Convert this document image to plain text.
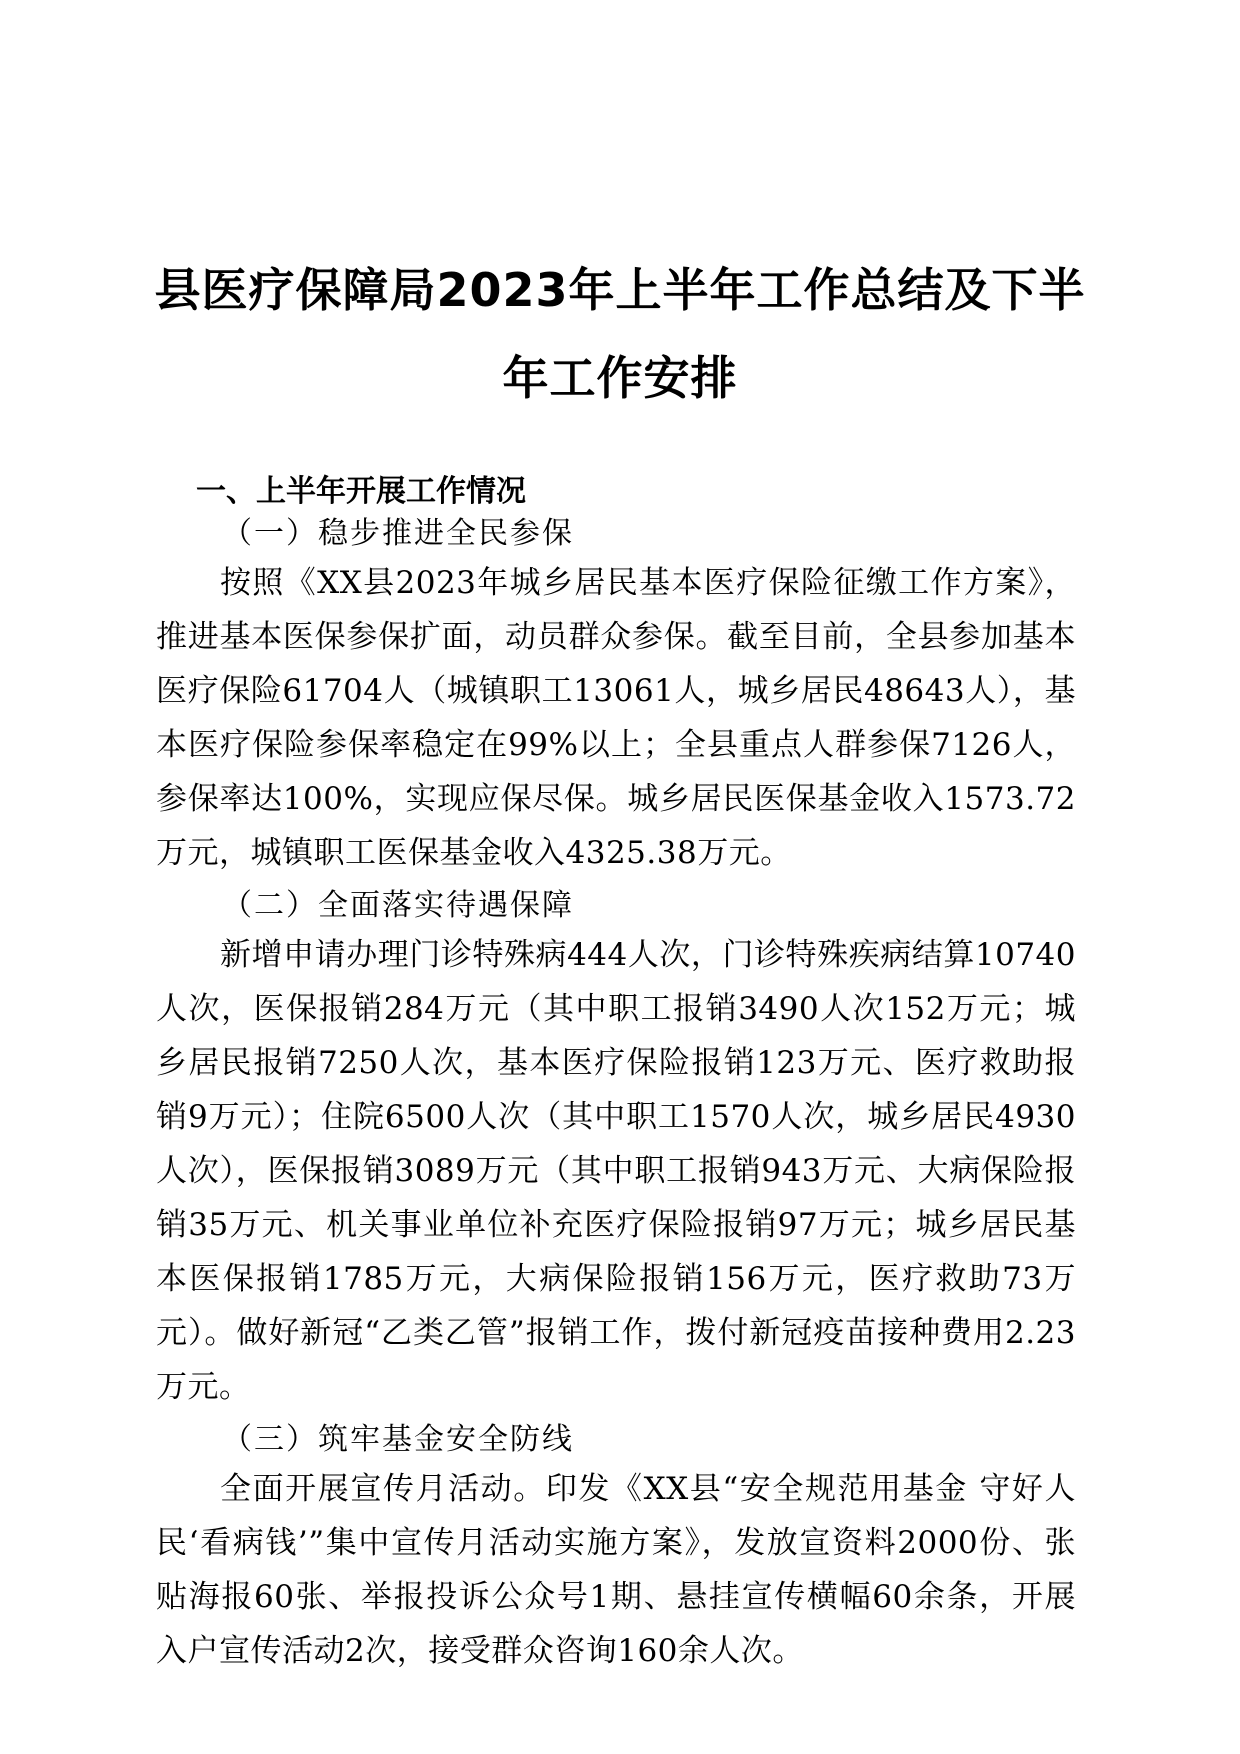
县医疗保障局2023年上半年工作总结及下半
年工作安排

一、上半年开展工作情况

（一）稳步推进全民参保

按照《XX县2023年城乡居民基本医疗保险征缴工作方案》，推进基本医保参保扩面，动员群众参保。截至目前，全县参加基本医疗保险61704人（城镇职工13061人，城乡居民48643人），基本医疗保险参保率稳定在99%以上；全县重点人群参保7126人，参保率达100%，实现应保尽保。城乡居民医保基金收入1573.72万元，城镇职工医保基金收入4325.38万元。

（二）全面落实待遇保障

新增申请办理门诊特殊病444人次，门诊特殊疾病结算10740人次，医保报销284万元（其中职工报销3490人次152万元；城乡居民报销7250人次，基本医疗保险报销123万元、医疗救助报销9万元）；住院6500人次（其中职工1570人次，城乡居民4930人次），医保报销3089万元（其中职工报销943万元、大病保险报销35万元、机关事业单位补充医疗保险报销97万元；城乡居民基本医保报销1785万元，大病保险报销156万元，医疗救助73万元）。做好新冠“乙类乙管”报销工作，拨付新冠疫苗接种费用2.23万元。

（三）筑牢基金安全防线

全面开展宣传月活动。印发《XX县“安全规范用基金 守好人民‘看病钱’”集中宣传月活动实施方案》，发放宣资料2000份、张贴海报60张、举报投诉公众号1期、悬挂宣传横幅60余条，开展入户宣传活动2次，接受群众咨询160余人次。
